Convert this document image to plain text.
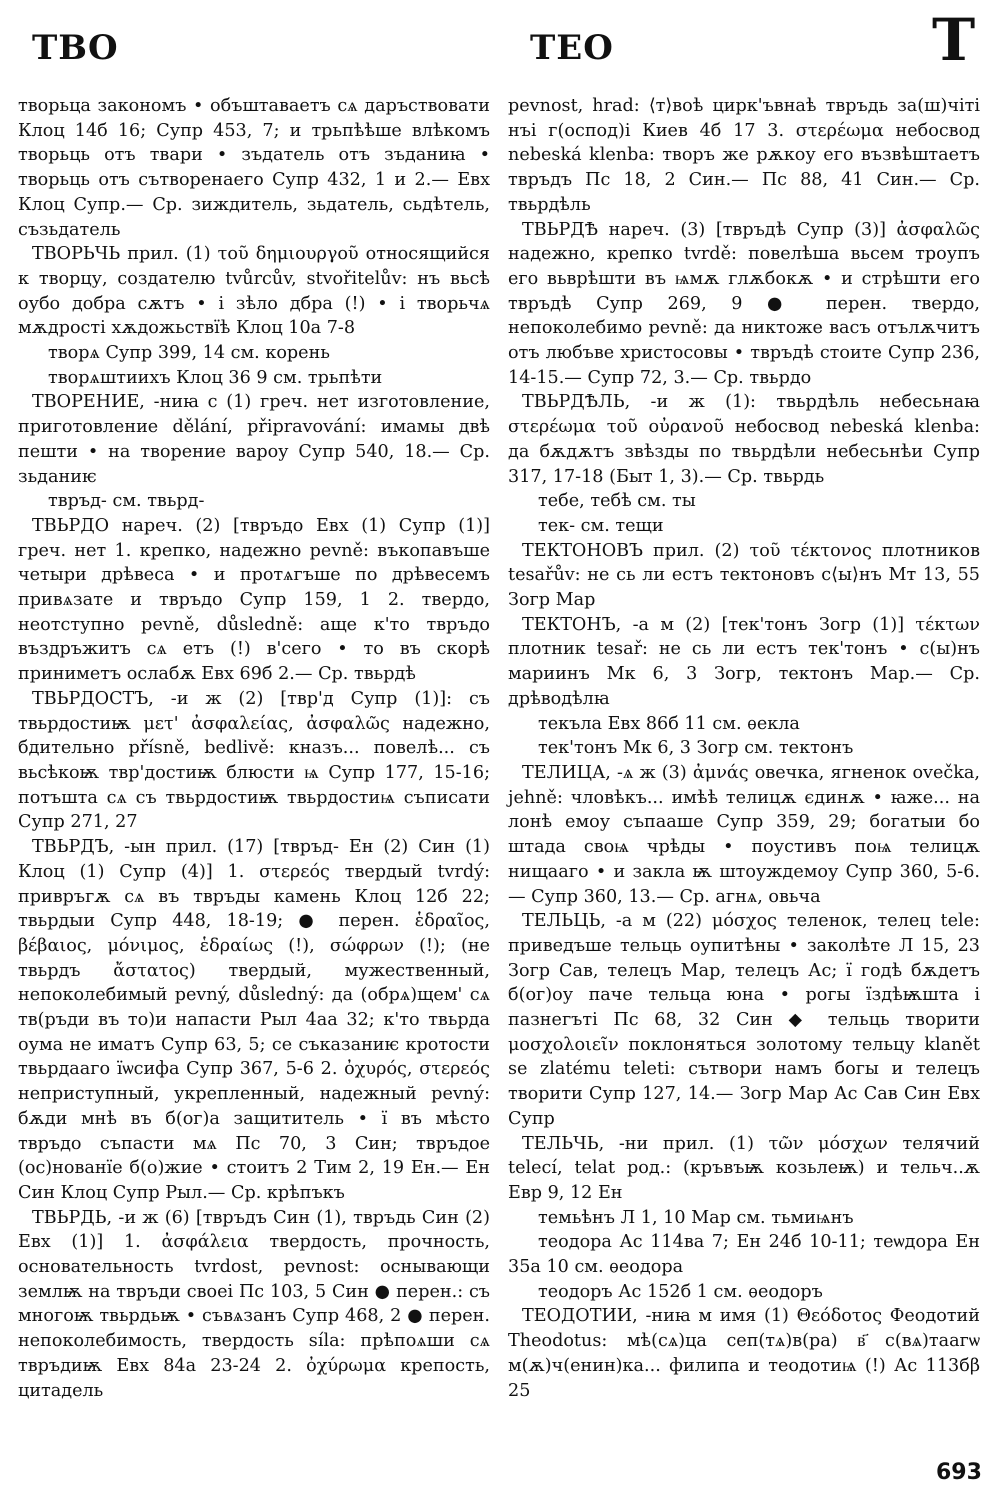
ТВО	ТЕО	Т

творьца закономъ • объштаваетъ сѧ даръствовати Клоц 14б 16; Супр 453, 7; и трьпѣѣше влѣкомъ творьць отъ твари • зъдатель отъ зъданиꙗ • творьць отъ сътворенаего Супр 432, 1 и 2.— Евх Клоц Супр.— Ср. зиждитель, зьдатель, сьдѣтель, съзьдатель

ТВОРЬЧЬ прил. (1) τοῦ δημιουργοῦ относящийся к творцу, создателю tvůrcův, stvořitelův: нъ вьсѣ оубо добра сѫтъ • і зѣло дбра (!) • і творьчѧ мѫдрості хѫдожьствїѣ Клоц 10а 7-8

творѧ Супр 399, 14 см. корень

творѧштиихъ Клоц 36 9 см. трьпѣти

ТВОРЕНИЕ, -ниꙗ с (1) греч. нет изготовление, приготовление dělání, připravování: имамы двѣ пешти • на творение вароу Супр 540, 18.— Ср. зьданиѥ

твръд- см. твьрд-

ТВЬРДО нареч. (2) [твръдо Евх (1) Супр (1)] греч. нет 1. крепко, надежно pevně: въкопавъше четыри дрѣвеса • и протѧгъше по дрѣвесемъ привѧзате и твръдо Супр 159, 1 2. твердо, неотступно pevně, důsledně: аще к'то твръдо въздръжитъ сѧ етъ (!) в'сего • то въ скорѣ приниметъ ослабѫ Евх 69б 2.— Ср. твьрдѣ

ТВЬРДОСТЪ, -и ж (2) [твр'д Супр (1)]: съ твьрдостиѭ μετ' ἀσφαλείας, ἀσφαλῶς надежно, бдительно přísně, bedlivě: кназъ... повелѣ... съ вьсѣкоѭ твр'достиѭ блюсти ѩ Супр 177, 15-16; потъшта сѧ съ твьрдостиѭ твьрдостиѩ съписати Супр 271, 27

ТВЬРДЪ, -ын прил. (17) [твръд- Ен (2) Син (1) Клоц (1) Супр (4)] 1. στερεός твердый tvrdý: привръгѫ сѧ въ твръды камень Клоц 12б 22; твьрдыи Супр 448, 18-19; ● перен. ἑδραῖος, βέβαιος, μόνιμος, ἑδραίως (!), σώφρων (!); (не твьрдъ ἄστατος) твердый, мужественный, непоколебимый pevný, důsledný: да (обрѧ)щем' сѧ тв(ръди въ то)и напасти Рыл 4аа 32; к'то твьрда оума не иматъ Супр 63, 5; се съказаниѥ кротости твьрдааго їѡсифа Супр 367, 5-6 2. ὀχυρός, στερεός неприступный, укрепленный, надежный pevný: бѫди мнѣ въ б(ог)а защититель • ї въ мѣсто твръдо съпасти мѧ Пс 70, 3 Син; твръдое (ос)нованїе б(о)жие • стоитъ 2 Тим 2, 19 Ен.— Ен Син Клоц Супр Рыл.— Ср. крѣпъкъ

ТВЬРДЬ, -и ж (6) [твръдъ Син (1), твръдь Син (2) Евх (1)] 1. ἀσφάλεια твердость, прочность, основательность tvrdost, pevnost: оснывающи землѭ на твръди своеі Пс 103, 5 Син ● перен.: съ многоѭ твьрдьѭ • съвѧзанъ Супр 468, 2 ● перен. непоколебимость, твердость síla: прѣпоѧши сѧ твръдиѭ Евх 84а 23-24 2. ὀχύρωμα крепость, цитадель

pevnost, hrad: ⟨т⟩воѣ цирк'ъвнаѣ твръдь за(ш)чіті нъі г(оспод)і Киев 4б 17 3. στερέωμα небосвод nebeská klenba: творъ же рѫкоу его възвѣштаетъ твръдъ Пс 18, 2 Син.— Пс 88, 41 Син.— Ср. твьрдѣль

ТВЬРДѢ нареч. (3) [твръдѣ Супр (3)] ἀσφαλῶς надежно, крепко tvrdě: повелѣша вьсем троупъ его вьврѣшти въ ѩмѫ глѫбокѫ • и стрѣшти его твръдѣ Супр 269, 9 ● перен. твердо, непоколебимо pevně: да никтоже васъ отълѫчитъ отъ любъве христосовы • твръдѣ стоите Супр 236, 14-15.— Супр 72, 3.— Ср. твьрдо

ТВЬРДѢЛЬ, -и ж (1): твьрдѣль небесьнаꙗ στερέωμα τοῦ οὐρανοῦ небосвод nebeská klenba: да бѫдѫтъ звѣзды по твьрдѣли небесьнѣи Супр 317, 17-18 (Быт 1, 3).— Ср. твьрдь

тебе, тебѣ см. ты

тек- см. тещи

ТЕКТОНОВЪ прил. (2) τοῦ τέκτονος плотников tesařův: не сь ли естъ тектоновъ с⟨ы⟩нъ Мт 13, 55 Зогр Мар

ТЕКТОНЪ, -а м (2) [тек'тонъ Зогр (1)] τέκτων плотник tesař: не сь ли естъ тек'тонъ • с(ы)нъ мариинъ Мк 6, 3 Зогр, тектонъ Мар.— Ср. дрѣводѣлꙗ

текъла Евх 86б 11 см. ѳекла

тек'тонъ Мк 6, 3 Зогр см. тектонъ

ТЕЛИЦА, -ѧ ж (3) ἀμνάς овечка, ягненок ovečka, jehně: чловѣкъ... имѣѣ телицѫ єдинѫ • ꙗже... на лонѣ емоу съпааше Супр 359, 29; богатыи бо штада своѩ чрѣды • поустивъ поѩ телицѫ нищааго • и закла ѭ штоуждемоу Супр 360, 5-6.— Супр 360, 13.— Ср. агнѧ, овьча

ТЕЛЬЦЬ, -а м (22) μόσχος теленок, телец tele: приведъше тельць оупитѣны • заколѣте Л 15, 23 Зогр Сав, телецъ Мар, телецъ Ас; ї годѣ бѫдетъ б(ог)оу паче тельца юна • рогы їздѣѭшта і пазнегъті Пс 68, 32 Син ◆ тельць творити μοσχολοιεῖν поклоняться золотому тельцу klanět se zlatému teleti: сътвори намъ богы и телецъ творити Супр 127, 14.— Зогр Мар Ас Сав Син Евх Супр

ТЕЛЬЧЬ, -ни прил. (1) τῶν μόσχων телячий telecí, telat род.: (кръвъѭ козьлеѭ) и тельч..ѫ Евр 9, 12 Ен

темьѣнъ Л 1, 10 Мар см. тьмиѩнъ

теодора Ас 114ва 7; Ен 24б 10-11; теѡдора Ен 35а 10 см. ѳеодора

теодоръ Ас 152б 1 см. ѳеодоръ

ТЕОДОТИИ, -ниꙗ м имя (1) Θεόδοτος Феодотий Theodotus: мѣ(сѧ)ца сеп(тѧ)в(ра) в҃ с(вѧ)таагѡ м(ѫ)ч(енин)ка... филипа и теодотиѩ (!) Ас 113бβ 25

693
